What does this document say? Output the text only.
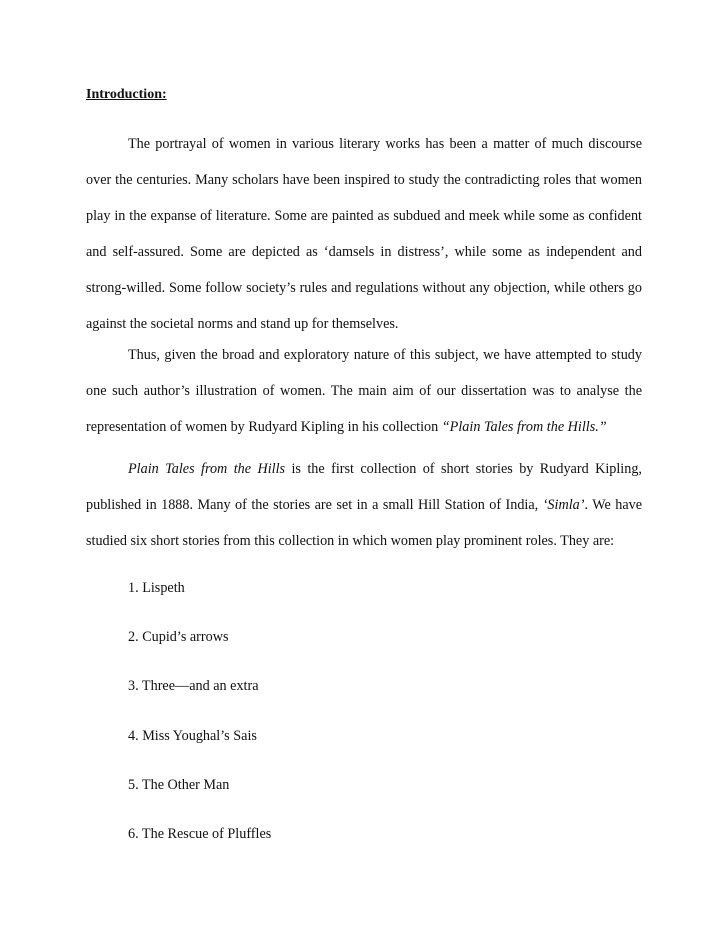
Introduction:

The portrayal of women in various literary works has been a matter of much discourse over the centuries. Many scholars have been inspired to study the contradicting roles that women play in the expanse of literature. Some are painted as subdued and meek while some as confident and self-assured. Some are depicted as ‘damsels in distress’, while some as independent and strong-willed. Some follow society’s rules and regulations without any objection, while others go against the societal norms and stand up for themselves.

Thus, given the broad and exploratory nature of this subject, we have attempted to study one such author’s illustration of women. The main aim of our dissertation was to analyse the representation of women by Rudyard Kipling in his collection “Plain Tales from the Hills.”

Plain Tales from the Hills is the first collection of short stories by Rudyard Kipling, published in 1888. Many of the stories are set in a small Hill Station of India, ‘Simla’. We have studied six short stories from this collection in which women play prominent roles. They are:

1. Lispeth
2. Cupid’s arrows
3. Three—and an extra
4. Miss Youghal’s Sais
5. The Other Man
6. The Rescue of Pluffles
